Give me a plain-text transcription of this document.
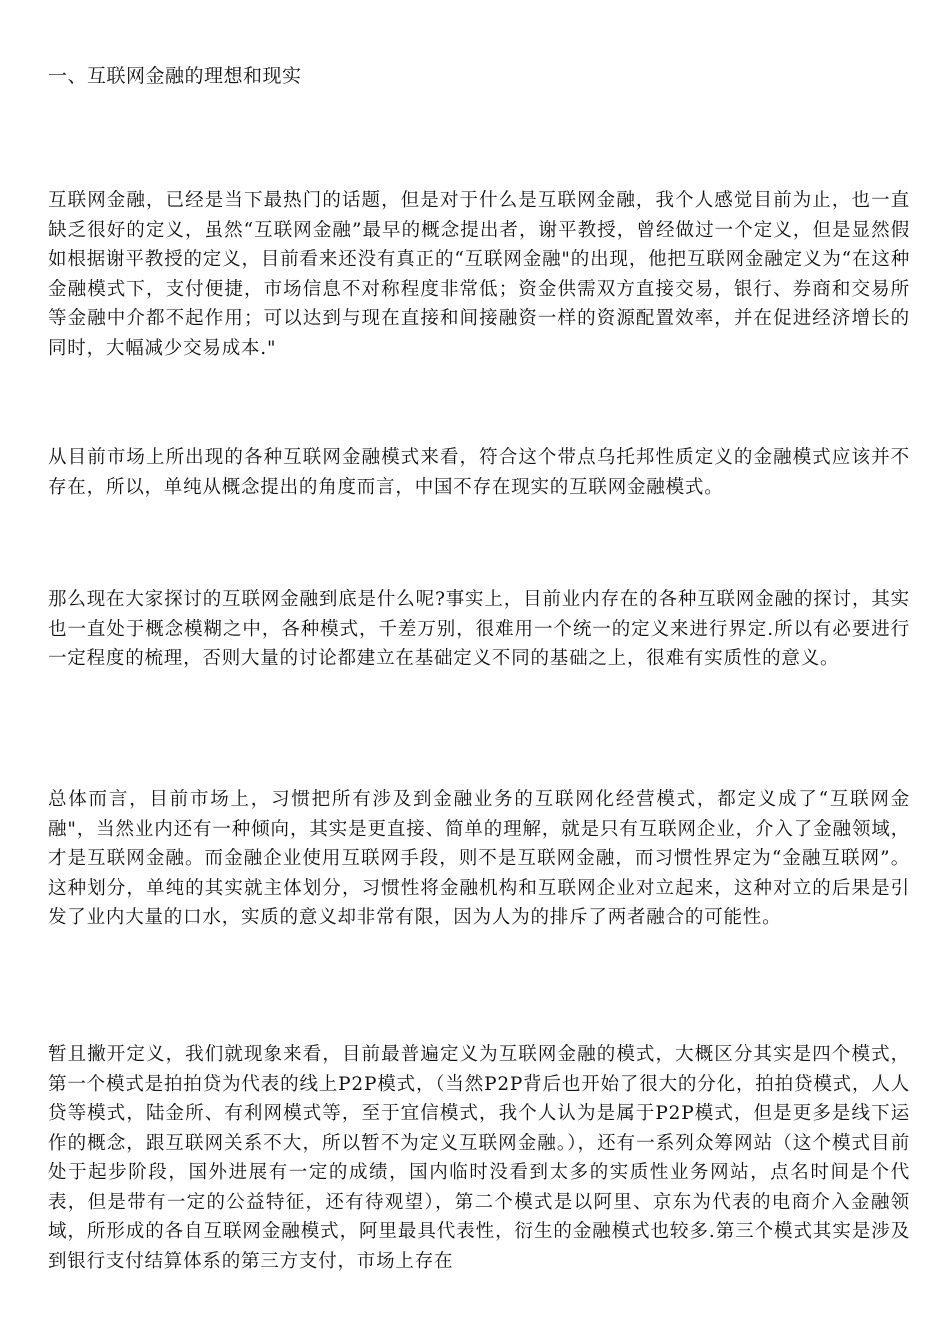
一、互联网金融的理想和现实

互联网金融，已经是当下最热门的话题，但是对于什么是互联网金融，我个人感觉目前为止，也一直缺乏很好的定义，虽然“互联网金融”最早的概念提出者，谢平教授，曾经做过一个定义，但是显然假如根据谢平教授的定义，目前看来还没有真正的“互联网金融"的出现，他把互联网金融定义为“在这种金融模式下，支付便捷，市场信息不对称程度非常低；资金供需双方直接交易，银行、券商和交易所等金融中介都不起作用；可以达到与现在直接和间接融资一样的资源配置效率，并在促进经济增长的同时，大幅减少交易成本."

从目前市场上所出现的各种互联网金融模式来看，符合这个带点乌托邦性质定义的金融模式应该并不存在，所以，单纯从概念提出的角度而言，中国不存在现实的互联网金融模式。

那么现在大家探讨的互联网金融到底是什么呢?事实上，目前业内存在的各种互联网金融的探讨，其实也一直处于概念模糊之中，各种模式，千差万别，很难用一个统一的定义来进行界定.所以有必要进行一定程度的梳理，否则大量的讨论都建立在基础定义不同的基础之上，很难有实质性的意义。

总体而言，目前市场上，习惯把所有涉及到金融业务的互联网化经营模式，都定义成了“互联网金融"，当然业内还有一种倾向，其实是更直接、简单的理解，就是只有互联网企业，介入了金融领域，才是互联网金融。而金融企业使用互联网手段，则不是互联网金融，而习惯性界定为“金融互联网”。这种划分，单纯的其实就主体划分，习惯性将金融机构和互联网企业对立起来，这种对立的后果是引发了业内大量的口水，实质的意义却非常有限，因为人为的排斥了两者融合的可能性。

暂且撇开定义，我们就现象来看，目前最普遍定义为互联网金融的模式，大概区分其实是四个模式，第一个模式是拍拍贷为代表的线上P2P模式，（当然P2P背后也开始了很大的分化，拍拍贷模式，人人贷等模式，陆金所、有利网模式等，至于宜信模式，我个人认为是属于P2P模式，但是更多是线下运作的概念，跟互联网关系不大，所以暂不为定义互联网金融。），还有一系列众筹网站（这个模式目前处于起步阶段，国外进展有一定的成绩，国内临时没看到太多的实质性业务网站，点名时间是个代表，但是带有一定的公益特征，还有待观望），第二个模式是以阿里、京东为代表的电商介入金融领域，所形成的各自互联网金融模式，阿里最具代表性，衍生的金融模式也较多.第三个模式其实是涉及到银行支付结算体系的第三方支付，市场上存在
